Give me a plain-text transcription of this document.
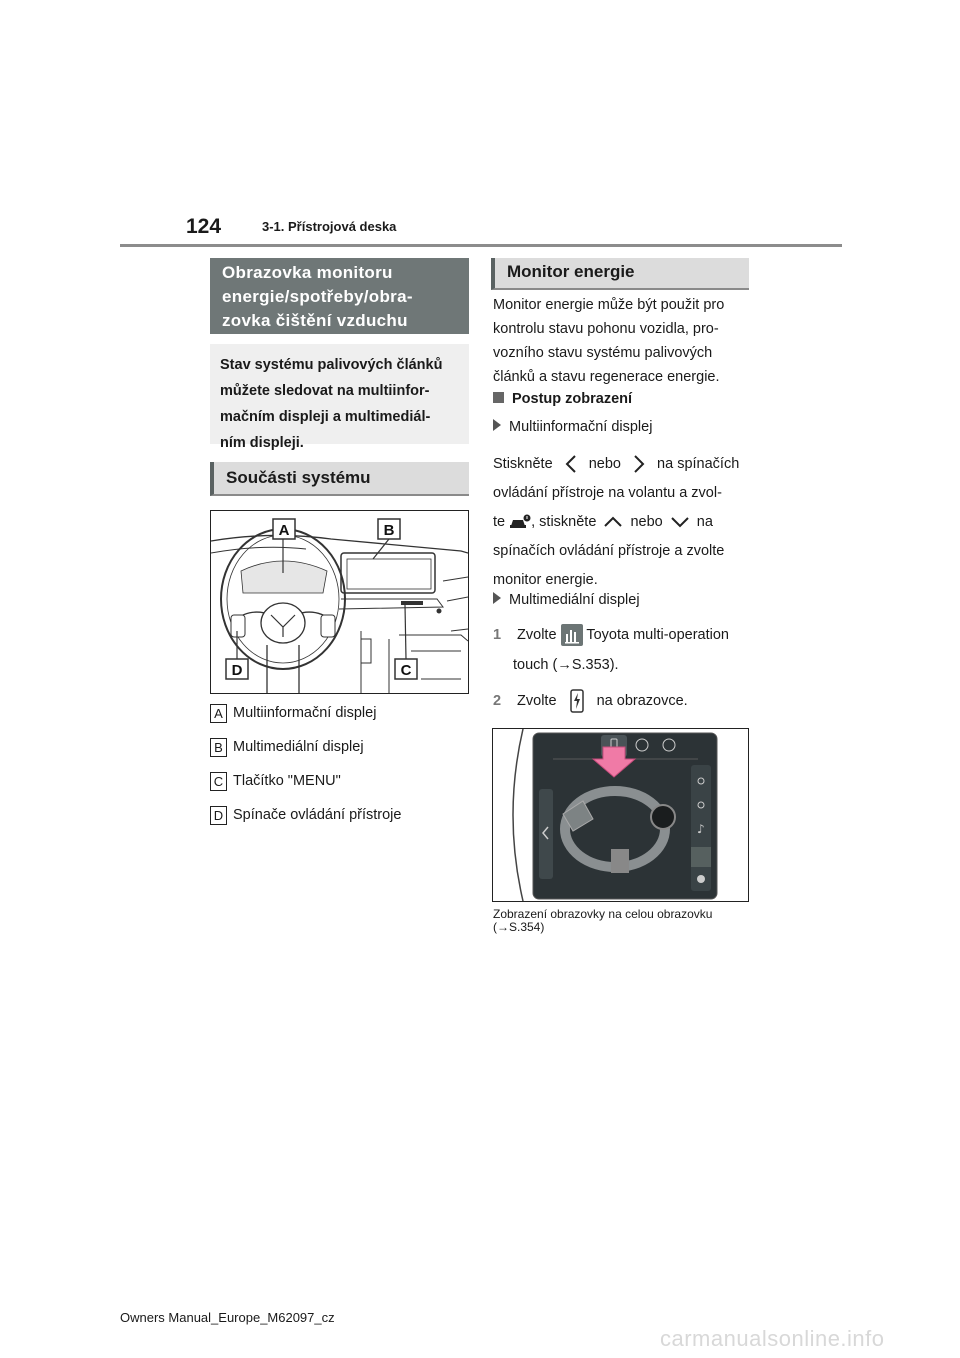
124	3-1. Přístrojová deska
Obrazovka monitoru
energie/spotřeby/obra-
zovka čištění vzduchu
Stav systému palivových článků
můžete sledovat na multiinfor-
mačním displeji a multimediál-
ním displeji.
Součásti systému
A	B
C
D
A Multiinformační displej
B Multimediální displej
C Tlačítko "MENU"
D Spínače ovládání přístroje
Monitor energie
Monitor energie může být použit pro
kontrolu stavu pohonu vozidla, pro-
vozního stavu systému palivových
článků a stavu regenerace energie.
Postup zobrazení
Multiinformační displej
Stiskněte nebo na spínačích
ovládání přístroje na volantu a zvol-
te , stiskněte nebo na
spínačích ovládání přístroje a zvolte
monitor energie.
Multimediální displej
1 Zvolte Toyota multi-operation
touch (→S.353).
2 Zvolte	na obrazovce.
♪
Zobrazení obrazovky na celou obrazovku
(→S.354)
Owners Manual_Europe_M62097_cz
carmanualsonline.info
